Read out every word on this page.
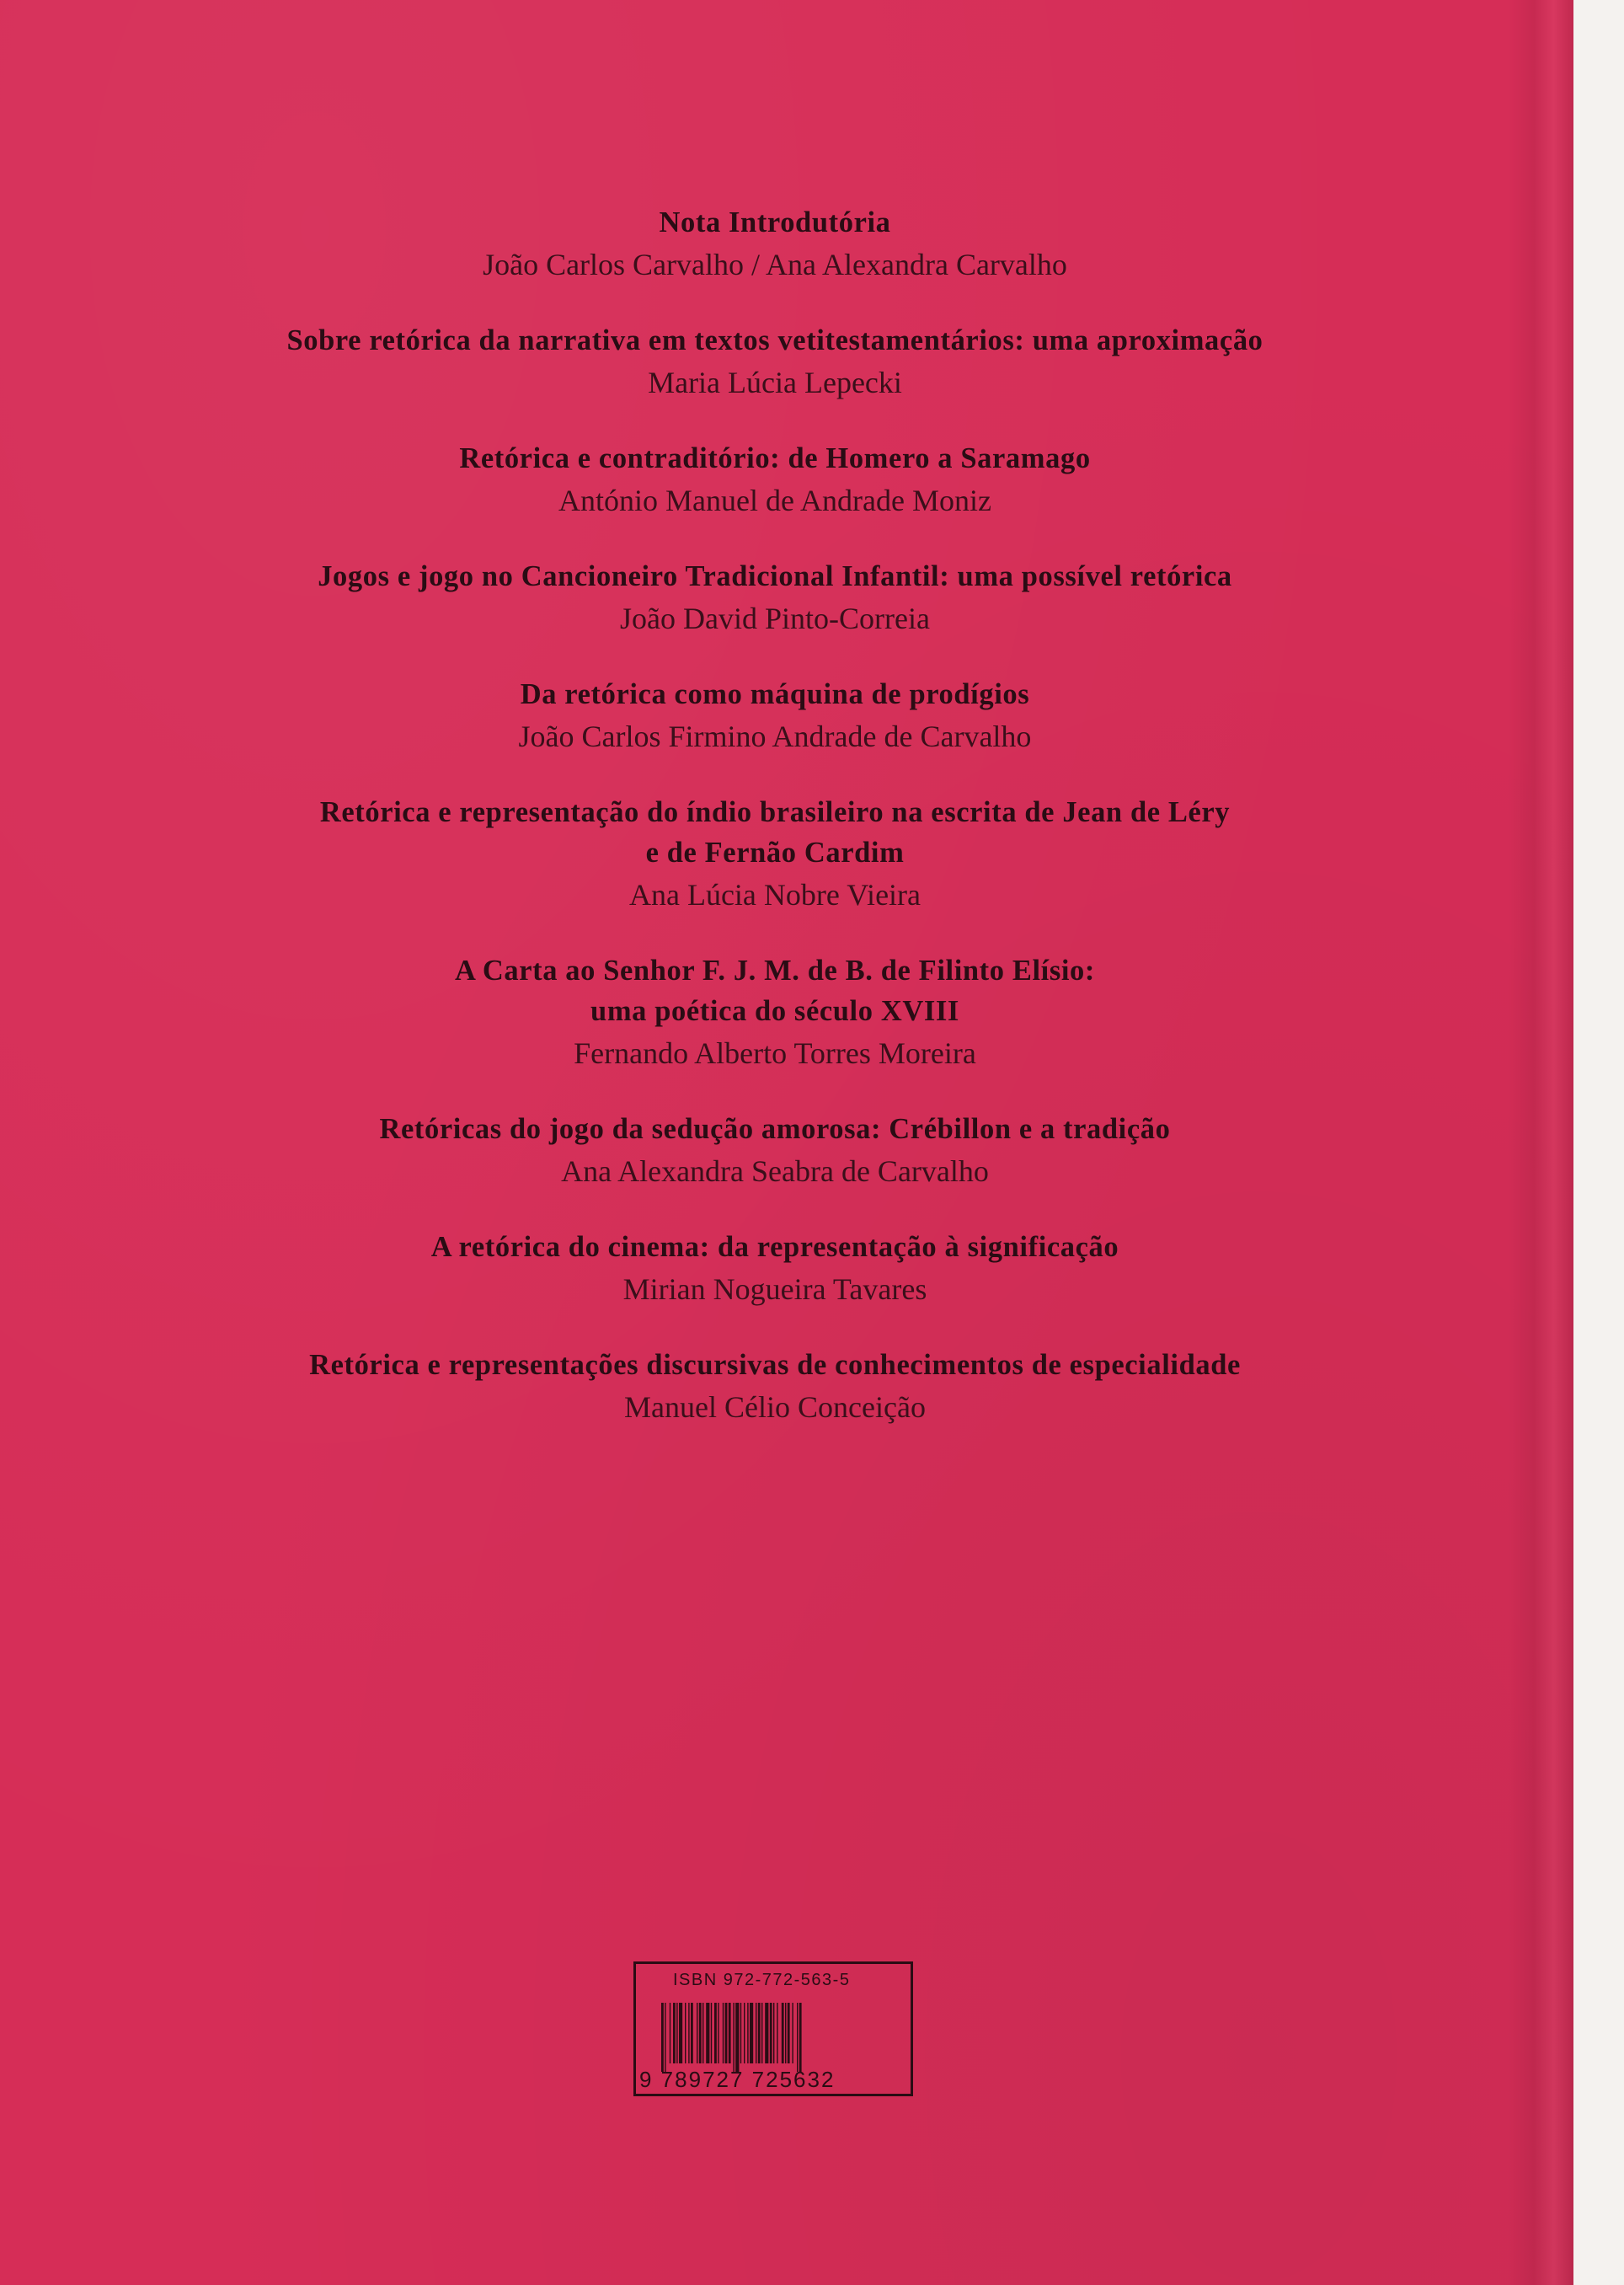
Nota Introdutória

João Carlos Carvalho / Ana Alexandra Carvalho

Sobre retórica da narrativa em textos vetitestamentários: uma aproximação

Maria Lúcia Lepecki

Retórica e contraditório: de Homero a Saramago

António Manuel de Andrade Moniz

Jogos e jogo no Cancioneiro Tradicional Infantil: uma possível retórica

João David Pinto-Correia

Da retórica como máquina de prodígios

João Carlos Firmino Andrade de Carvalho

Retórica e representação do índio brasileiro na escrita de Jean de Léry

e de Fernão Cardim

Ana Lúcia Nobre Vieira

A Carta ao Senhor F. J. M. de B. de Filinto Elísio:

uma poética do século XVIII

Fernando Alberto Torres Moreira

Retóricas do jogo da sedução amorosa: Crébillon e a tradição

Ana Alexandra Seabra de Carvalho

A retórica do cinema: da representação à significação

Mirian Nogueira Tavares

Retórica e representações discursivas de conhecimentos de especialidade

Manuel Célio Conceição

ISBN 972-772-563-5
9 789727 725632
